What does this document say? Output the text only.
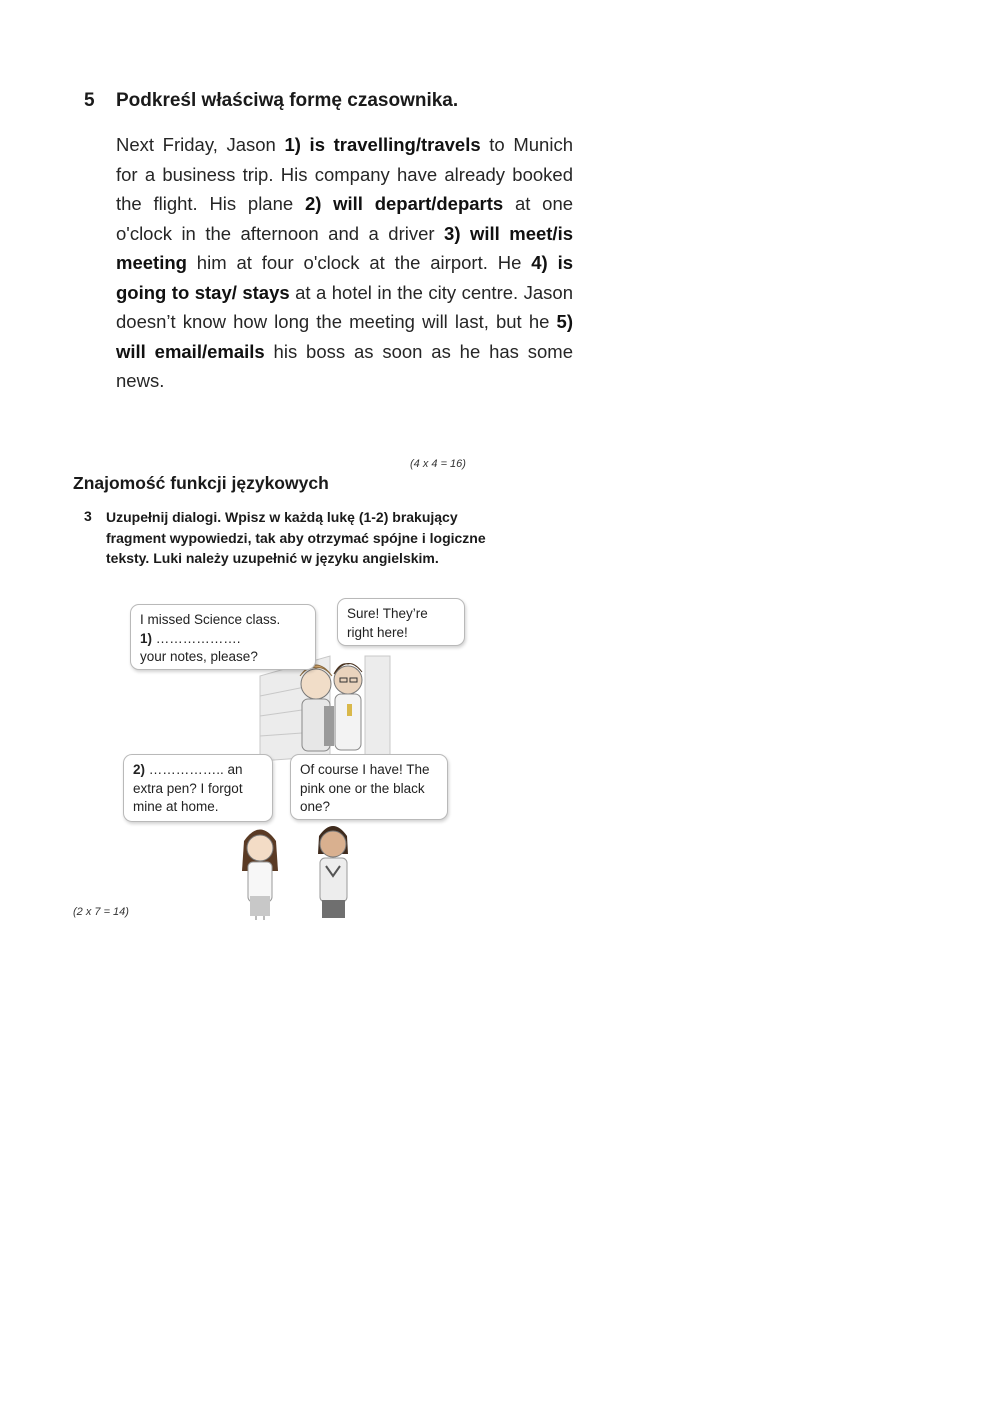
5 Podkreśl właściwą formę czasownika.
Next Friday, Jason 1) is travelling/travels to Munich for a business trip. His company have already booked the flight. His plane 2) will depart/departs at one o'clock in the afternoon and a driver 3) will meet/is meeting him at four o'clock at the airport. He 4) is going to stay/ stays at a hotel in the city centre. Jason doesn’t know how long the meeting will last, but he 5) will email/emails his boss as soon as he has some news.
(4 x 4 = 16)
Znajomość funkcji językowych
3 Uzupełnij dialogi. Wpisz w każdą lukę (1-2) brakujący fragment wypowiedzi, tak aby otrzymać spójne i logiczne teksty. Luki należy uzupełnić w języku angielskim.
I missed Science class.
1) ……………….
your notes, please?
Sure! They’re right here!
2) …………….. an extra pen? I forgot mine at home.
Of course I have! The pink one or the black one?
(2 x 7 = 14)
